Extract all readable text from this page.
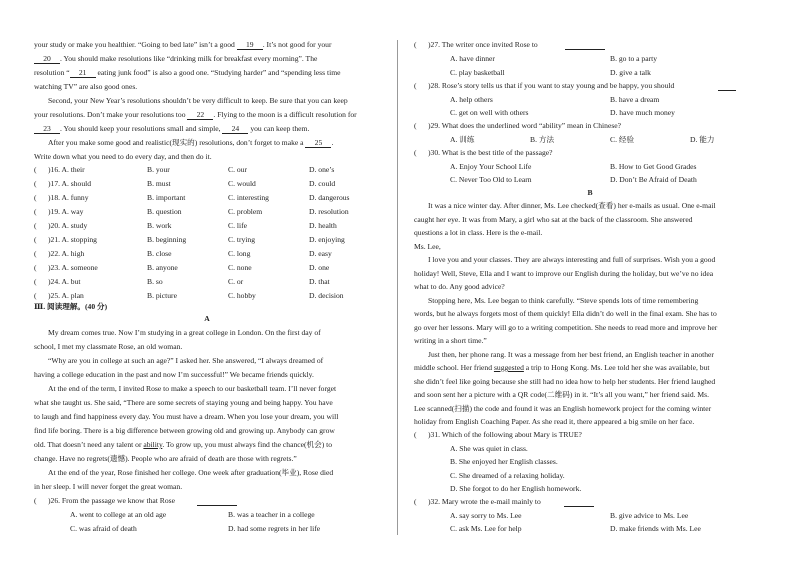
your study or make you healthier. “Going to bed late” isn’t a good 19 . It’s not good for your
20 . You should make resolutions like “drinking milk for breakfast every morning”. The
resolution “ 21 eating junk food” is also a good one. “Studying harder” and “spending less time
watching TV” are also good ones.
Second, your New Year’s resolutions shouldn’t be very difficult to keep. Be sure that you can keep
your resolutions. Don’t make your resolutions too 22 . Flying to the moon is a difficult resolution for
23 . You should keep your resolutions small and simple, 24 you can keep them.
After you make some good and realistic(现实的) resolutions, don’t forget to make a 25 .
Write down what you need to do every day, and then do it.
( )16. A. their	B. your	C. our	D. one’s
( )17. A. should	B. must	C. would	D. could
( )18. A. funny	B. important	C. interesting	D. dangerous
( )19. A. way	B. question	C. problem	D. resolution
( )20. A. study	B. work	C. life	D. health
( )21. A. stopping	B. beginning	C. trying	D. enjoying
( )22. A. high	B. close	C. long	D. easy
( )23. A. someone	B. anyone	C. none	D. one
( )24. A. but	B. so	C. or	D. that
( )25. A. plan	B. picture	C. hobby	D. decision
Ⅲ. 阅读理解。(40 分)
A
My dream comes true. Now I’m studying in a great college in London. On the first day of
school, I met my classmate Rose, an old woman.
“Why are you in college at such an age?” I asked her. She answered, “I always dreamed of
having a college education in the past and now I’m successful!” We became friends quickly.
At the end of the term, I invited Rose to make a speech to our basketball team. I’ll never forget
what she taught us. She said, “There are some secrets of staying young and being happy. You have
to laugh and find happiness every day. You must have a dream. When you lose your dream, you will
find life boring. There is a big difference between growing old and growing up. Anybody can grow
old. That doesn’t need any talent or ability. To grow up, you must always find the chance(机会) to
change. Have no regrets(遗憾). People who are afraid of death are those with regrets.”
At the end of the year, Rose finished her college. One week after graduation(毕业), Rose died
in her sleep. I will never forget the great woman.
( )26. From the passage we know that Rose

A. went to college at an old age	B. was a teacher in a college
C. was afraid of death	D. had some regrets in her life
( )27. The writer once invited Rose to

A. have dinner	B. go to a party
C. play basketball	D. give a talk
( )28. Rose’s story tells us that if you want to stay young and be happy, you should

A. help others	B. have a dream
C. get on well with others	D. have much money
( )29. What does the underlined word “ability” mean in Chinese?
A. 训练	B. 方法	C. 经验	D. 能力
( )30. What is the best title of the passage?
A. Enjoy Your School Life	B. How to Get Good Grades
C. Never Too Old to Learn	D. Don’t Be Afraid of Death
B
It was a nice winter day. After dinner, Ms. Lee checked(查看) her e-mails as usual. One e-mail
caught her eye. It was from Mary, a girl who sat at the back of the classroom. She answered
questions a lot in class. Here is the e-mail.
Ms. Lee,
I love you and your classes. They are always interesting and full of surprises. Wish you a good
holiday! Well, Steve, Ella and I want to improve our English during the holiday, but we’ve no idea
what to do. Any good advice?
Stopping here, Ms. Lee began to think carefully. “Steve spends lots of time remembering
words, but he always forgets most of them quickly! Ella didn’t do well in the final exam. She has to
go over her lessons. Mary will go to a writing competition. She needs to read more and improve her
writing in a short time.”
Just then, her phone rang. It was a message from her best friend, an English teacher in another
middle school. Her friend suggested a trip to Hong Kong. Ms. Lee told her she was available, but
she didn’t feel like going because she still had no idea how to help her students. Her friend laughed
and soon sent her a picture with a QR code(二维码) in it. “It’s all you want,” her friend said. Ms.
Lee scanned(扫描) the code and found it was an English homework project for the coming winter
holiday from English Coaching Paper. As she read it, there appeared a big smile on her face.
( )31. Which of the following about Mary is TRUE?
A. She was quiet in class.
B. She enjoyed her English classes.
C. She dreamed of a relaxing holiday.
D. She forgot to do her English homework.
( )32. Mary wrote the e-mail mainly to

A. say sorry to Ms. Lee	B. give advice to Ms. Lee
C. ask Ms. Lee for help	D. make friends with Ms. Lee
